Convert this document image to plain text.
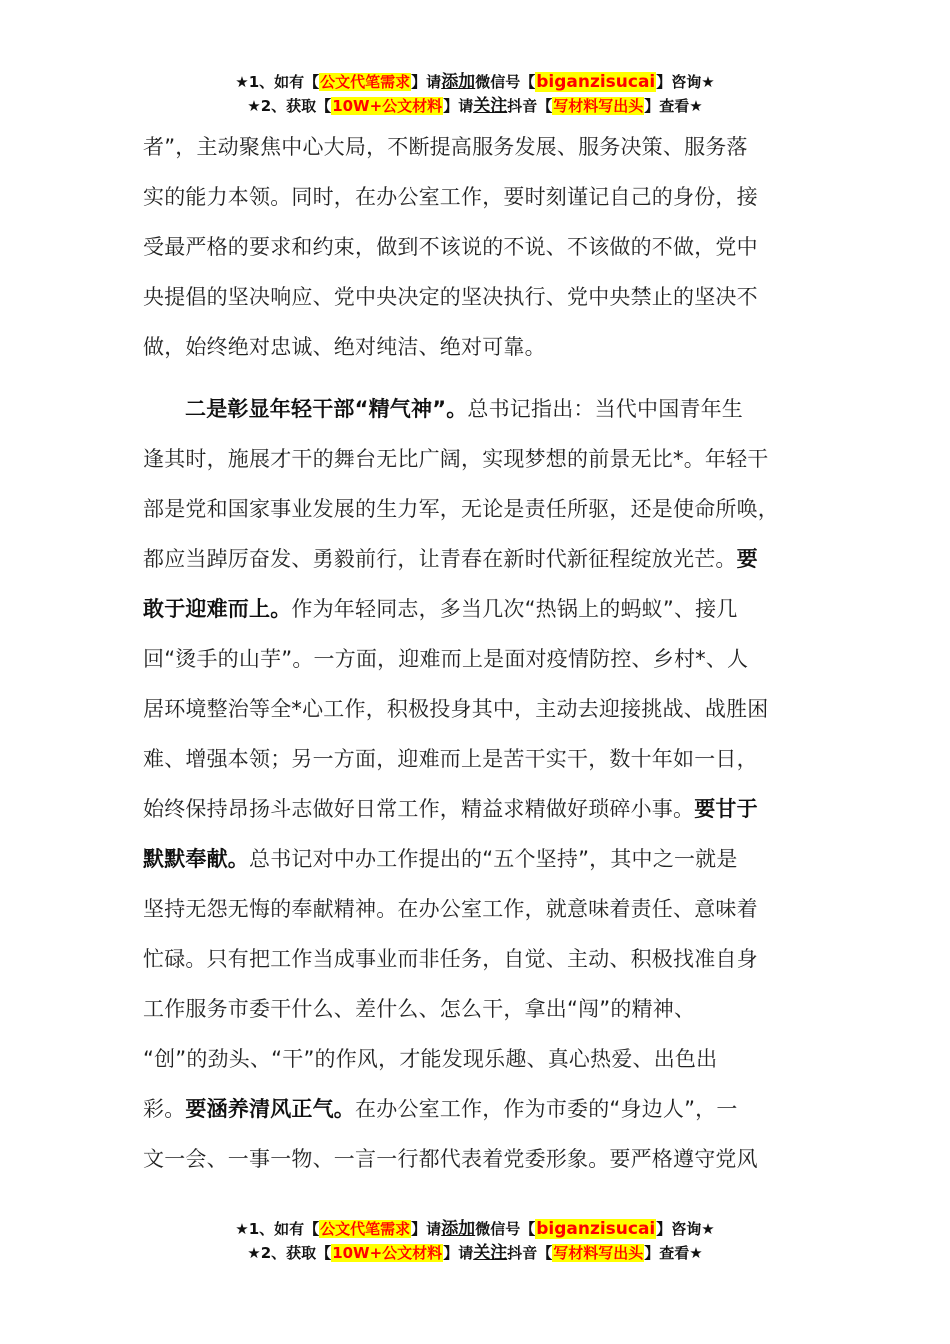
★1、如有【公文代笔需求】请添加微信号【biganzisucai】咨询★
★2、获取【10W+公文材料】请关注抖音【写材料写出头】查看★
者”，主动聚焦中心大局，不断提高服务发展、服务决策、服务落
实的能力本领。同时，在办公室工作，要时刻谨记自己的身份，接
受最严格的要求和约束，做到不该说的不说、不该做的不做，党中
央提倡的坚决响应、党中央决定的坚决执行、党中央禁止的坚决不
做，始终绝对忠诚、绝对纯洁、绝对可靠。
二是彰显年轻干部“精气神”。总书记指出：当代中国青年生
逢其时，施展才干的舞台无比广阔，实现梦想的前景无比*。年轻干
部是党和国家事业发展的生力军，无论是责任所驱，还是使命所唤，
都应当踔厉奋发、勇毅前行，让青春在新时代新征程绽放光芒。要
敢于迎难而上。作为年轻同志，多当几次“热锅上的蚂蚁”、接几
回“烫手的山芋”。一方面，迎难而上是面对疫情防控、乡村*、人
居环境整治等全*心工作，积极投身其中，主动去迎接挑战、战胜困
难、增强本领；另一方面，迎难而上是苦干实干，数十年如一日，
始终保持昂扬斗志做好日常工作，精益求精做好琐碎小事。要甘于
默默奉献。总书记对中办工作提出的“五个坚持”，其中之一就是
坚持无怨无悔的奉献精神。在办公室工作，就意味着责任、意味着
忙碌。只有把工作当成事业而非任务，自觉、主动、积极找准自身
工作服务市委干什么、差什么、怎么干，拿出“闯”的精神、
“创”的劲头、“干”的作风，才能发现乐趣、真心热爱、出色出
彩。要涵养清风正气。在办公室工作，作为市委的“身边人”，一
文一会、一事一物、一言一行都代表着党委形象。要严格遵守党风
★1、如有【公文代笔需求】请添加微信号【biganzisucai】咨询★
★2、获取【10W+公文材料】请关注抖音【写材料写出头】查看★
